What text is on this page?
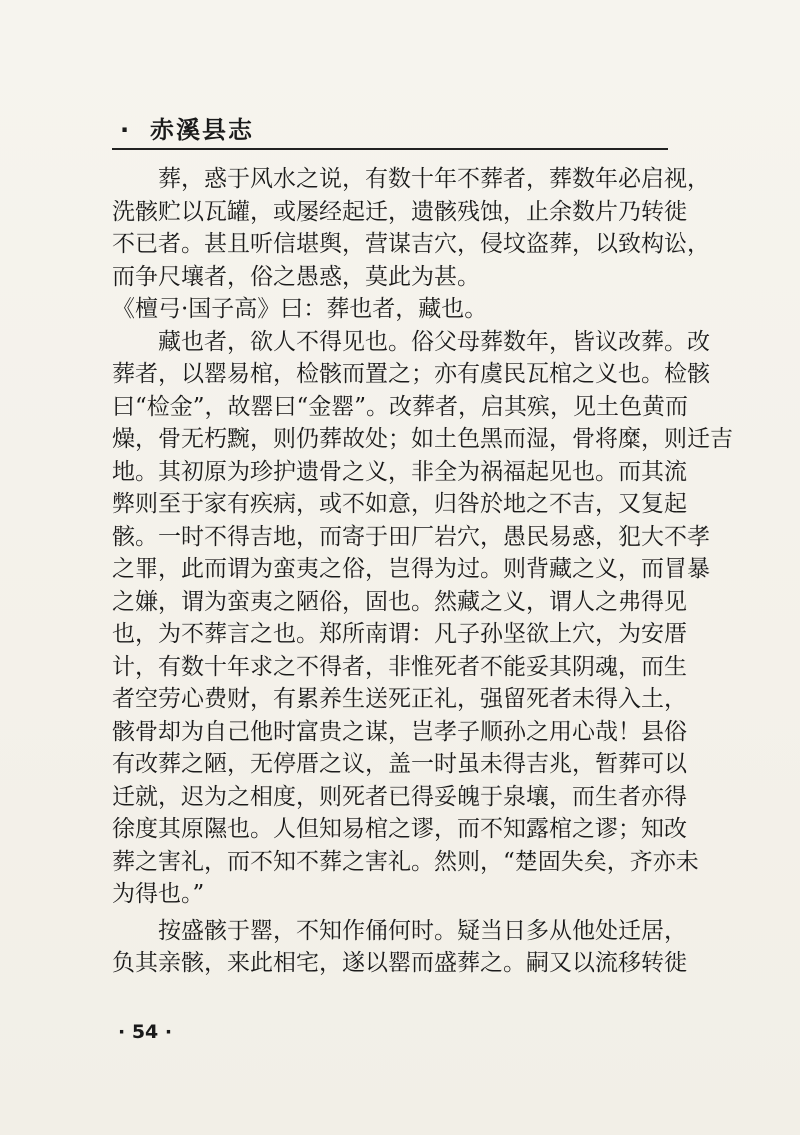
· 赤溪县志
　　葬，惑于风水之说，有数十年不葬者，葬数年必启视，
洗骸贮以瓦罐，或屡经起迁，遗骸残蚀，止余数片乃转徙
不已者。甚且听信堪舆，营谋吉穴，侵坟盗葬，以致构讼，
而争尺壤者，俗之愚惑，莫此为甚。
《檀弓·国子高》曰：葬也者，藏也。
　　藏也者，欲人不得见也。俗父母葬数年，皆议改葬。改
葬者，以罂易棺，检骸而置之；亦有虞民瓦棺之义也。检骸
曰“检金”，故罂曰“金罂”。改葬者，启其殡，见土色黄而
燥，骨无朽黦，则仍葬故处；如土色黑而湿，骨将糜，则迁吉
地。其初原为珍护遗骨之义，非全为祸福起见也。而其流
弊则至于家有疾病，或不如意，归咎於地之不吉，又复起
骸。一时不得吉地，而寄于田厂岩穴，愚民易惑，犯大不孝
之罪，此而谓为蛮夷之俗，岂得为过。则背藏之义，而冒暴
之嫌，谓为蛮夷之陋俗，固也。然藏之义，谓人之弗得见
也，为不葬言之也。郑所南谓：凡子孙坚欲上穴，为安厝
计，有数十年求之不得者，非惟死者不能妥其阴魂，而生
者空劳心费财，有累养生送死正礼，强留死者未得入土，
骸骨却为自己他时富贵之谋，岂孝子顺孙之用心哉！县俗
有改葬之陋，无停厝之议，盖一时虽未得吉兆，暂葬可以
迁就，迟为之相度，则死者已得妥魄于泉壤，而生者亦得
徐度其原隰也。人但知易棺之谬，而不知露棺之谬；知改
葬之害礼，而不知不葬之害礼。然则，“楚固失矣，齐亦未
为得也。”
　　按盛骸于罂，不知作俑何时。疑当日多从他处迁居，
负其亲骸，来此相宅，遂以罂而盛葬之。嗣又以流移转徙
· 54 ·
